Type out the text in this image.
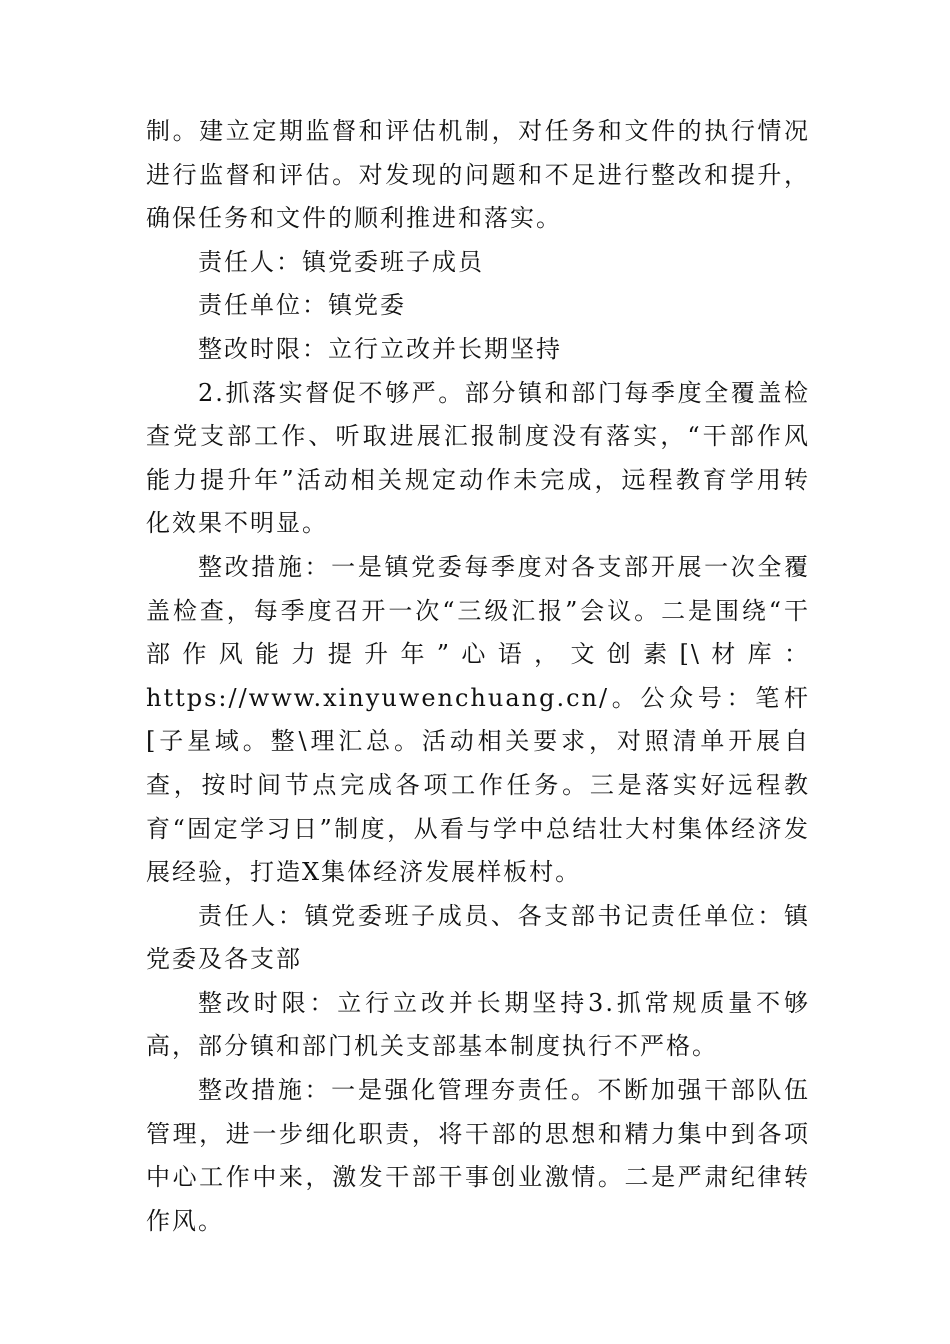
制。建立定期监督和评估机制，对任务和文件的执行情况进行监督和评估。对发现的问题和不足进行整改和提升，确保任务和文件的顺利推进和落实。

责任人：镇党委班子成员

责任单位：镇党委

整改时限：立行立改并长期坚持

2.抓落实督促不够严。部分镇和部门每季度全覆盖检查党支部工作、听取进展汇报制度没有落实，“干部作风能力提升年”活动相关规定动作未完成，远程教育学用转化效果不明显。

整改措施：一是镇党委每季度对各支部开展一次全覆盖检查，每季度召开一次“三级汇报”会议。二是围绕“干部作风能力提升年”心语，文创素[\材库：https://www.xinyuwenchuang.cn/。公众号：笔杆[子星域。整\理汇总。活动相关要求，对照清单开展自查，按时间节点完成各项工作任务。三是落实好远程教育“固定学习日”制度，从看与学中总结壮大村集体经济发展经验，打造X集体经济发展样板村。

责任人：镇党委班子成员、各支部书记责任单位：镇党委及各支部

整改时限：立行立改并长期坚持3.抓常规质量不够高，部分镇和部门机关支部基本制度执行不严格。

整改措施：一是强化管理夯责任。不断加强干部队伍管理，进一步细化职责，将干部的思想和精力集中到各项中心工作中来，激发干部干事创业激情。二是严肃纪律转作风。
